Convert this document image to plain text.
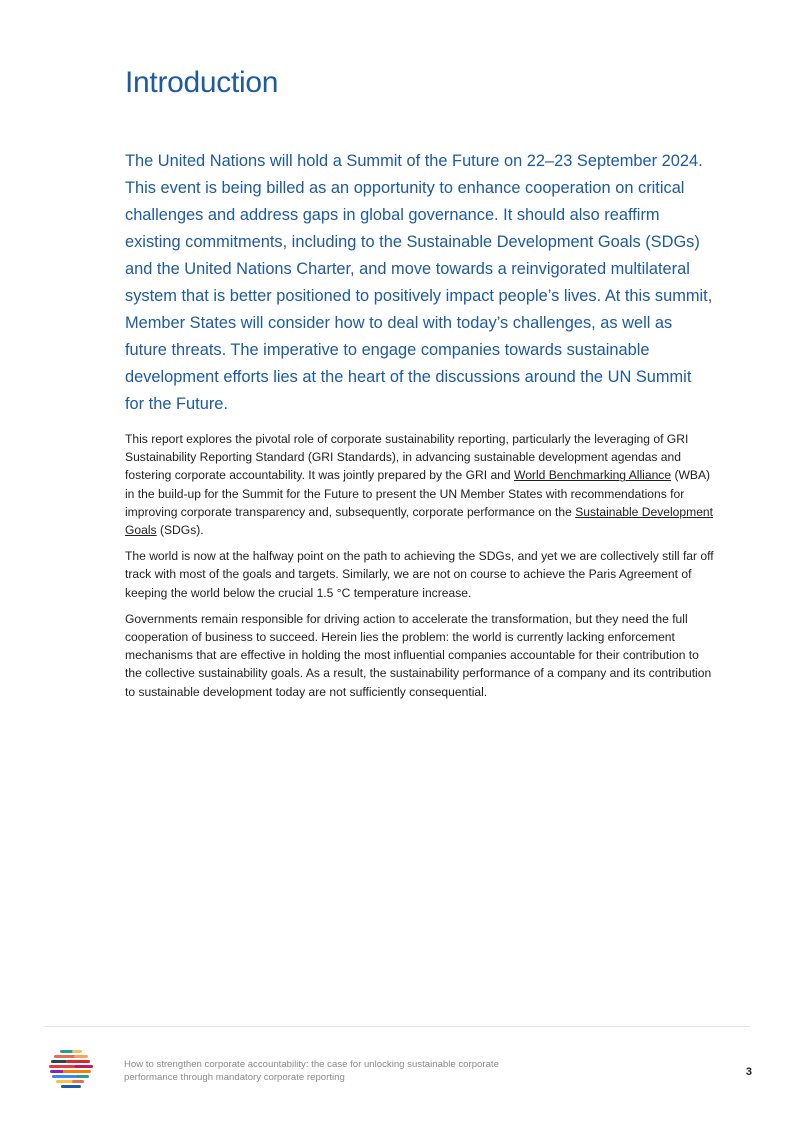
Introduction

The United Nations will hold a Summit of the Future on 22–23 September 2024. This event is being billed as an opportunity to enhance cooperation on critical challenges and address gaps in global governance. It should also reaffirm existing commitments, including to the Sustainable Development Goals (SDGs) and the United Nations Charter, and move towards a reinvigorated multilateral system that is better positioned to positively impact people’s lives. At this summit, Member States will consider how to deal with today’s challenges, as well as future threats. The imperative to engage companies towards sustainable development efforts lies at the heart of the discussions around the UN Summit for the Future.

This report explores the pivotal role of corporate sustainability reporting, particularly the leveraging of GRI Sustainability Reporting Standard (GRI Standards), in advancing sustainable development agendas and fostering corporate accountability. It was jointly prepared by the GRI and World Benchmarking Alliance (WBA) in the build-up for the Summit for the Future to present the UN Member States with recommendations for improving corporate transparency and, subsequently, corporate performance on the Sustainable Development Goals (SDGs).

The world is now at the halfway point on the path to achieving the SDGs, and yet we are collectively still far off track with most of the goals and targets. Similarly, we are not on course to achieve the Paris Agreement of keeping the world below the crucial 1.5 °C temperature increase.

Governments remain responsible for driving action to accelerate the transformation, but they need the full cooperation of business to succeed. Herein lies the problem: the world is currently lacking enforcement mechanisms that are effective in holding the most influential companies accountable for their contribution to the collective sustainability goals. As a result, the sustainability performance of a company and its contribution to sustainable development today are not sufficiently consequential.

How to strengthen corporate accountability: the case for unlocking sustainable corporate
performance through mandatory corporate reporting	3
